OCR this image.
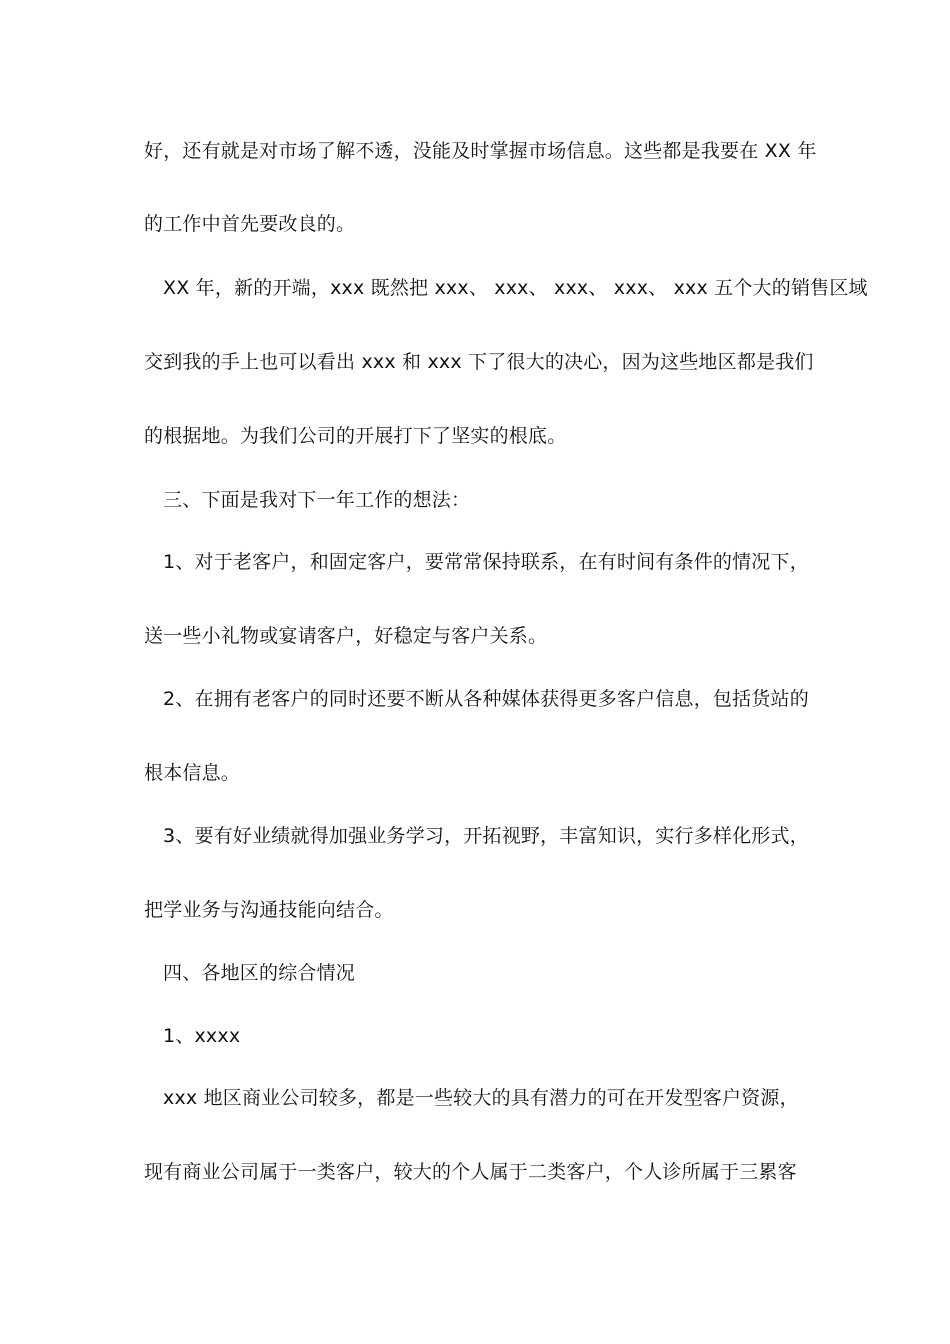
好，还有就是对市场了解不透，没能及时掌握市场信息。这些都是我要在 XX 年
的工作中首先要改良的。
XX 年，新的开端，xxx 既然把 xxx、 xxx、 xxx、 xxx、 xxx 五个大的销售区域
交到我的手上也可以看出 xxx 和 xxx 下了很大的决心，因为这些地区都是我们
的根据地。为我们公司的开展打下了坚实的根底。
三、下面是我对下一年工作的想法：
1、对于老客户，和固定客户，要常常保持联系，在有时间有条件的情况下，
送一些小礼物或宴请客户，好稳定与客户关系。
2、在拥有老客户的同时还要不断从各种媒体获得更多客户信息，包括货站的
根本信息。
3、要有好业绩就得加强业务学习，开拓视野，丰富知识，实行多样化形式，
把学业务与沟通技能向结合。
四、各地区的综合情况
1、xxxx
xxx 地区商业公司较多，都是一些较大的具有潜力的可在开发型客户资源，
现有商业公司属于一类客户，较大的个人属于二类客户，个人诊所属于三累客
